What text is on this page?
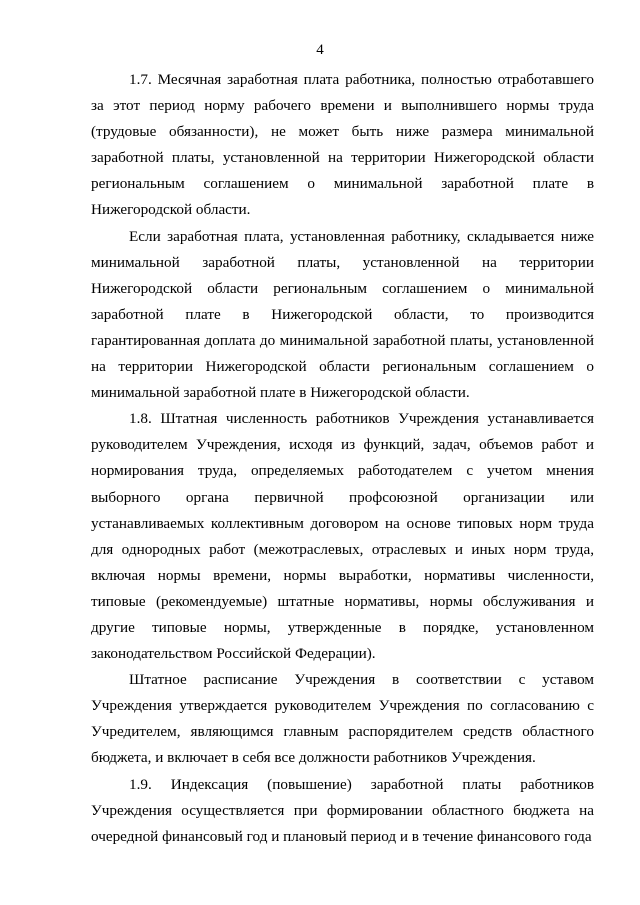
4

1.7. Месячная заработная плата работника, полностью отработавшего за этот период норму рабочего времени и выполнившего нормы труда (трудовые обязанности), не может быть ниже размера минимальной заработной платы, установленной на территории Нижегородской области региональным соглашением о минимальной заработной плате в Нижегородской области.

Если заработная плата, установленная работнику, складывается ниже минимальной заработной платы, установленной на территории Нижегородской области региональным соглашением о минимальной заработной плате в Нижегородской области, то производится гарантированная доплата до минимальной заработной платы, установленной на территории Нижегородской области региональным соглашением о минимальной заработной плате в Нижегородской области.

1.8. Штатная численность работников Учреждения устанавливается руководителем Учреждения, исходя из функций, задач, объемов работ и нормирования труда, определяемых работодателем с учетом мнения выборного органа первичной профсоюзной организации или устанавливаемых коллективным договором на основе типовых норм труда для однородных работ (межотраслевых, отраслевых и иных норм труда, включая нормы времени, нормы выработки, нормативы численности, типовые (рекомендуемые) штатные нормативы, нормы обслуживания и другие типовые нормы, утвержденные в порядке, установленном законодательством Российской Федерации).

Штатное расписание Учреждения в соответствии с уставом Учреждения утверждается руководителем Учреждения по согласованию с Учредителем, являющимся главным распорядителем средств областного бюджета, и включает в себя все должности работников Учреждения.

1.9. Индексация (повышение) заработной платы работников Учреждения осуществляется при формировании областного бюджета на очередной финансовый год и плановый период и в течение финансового года
